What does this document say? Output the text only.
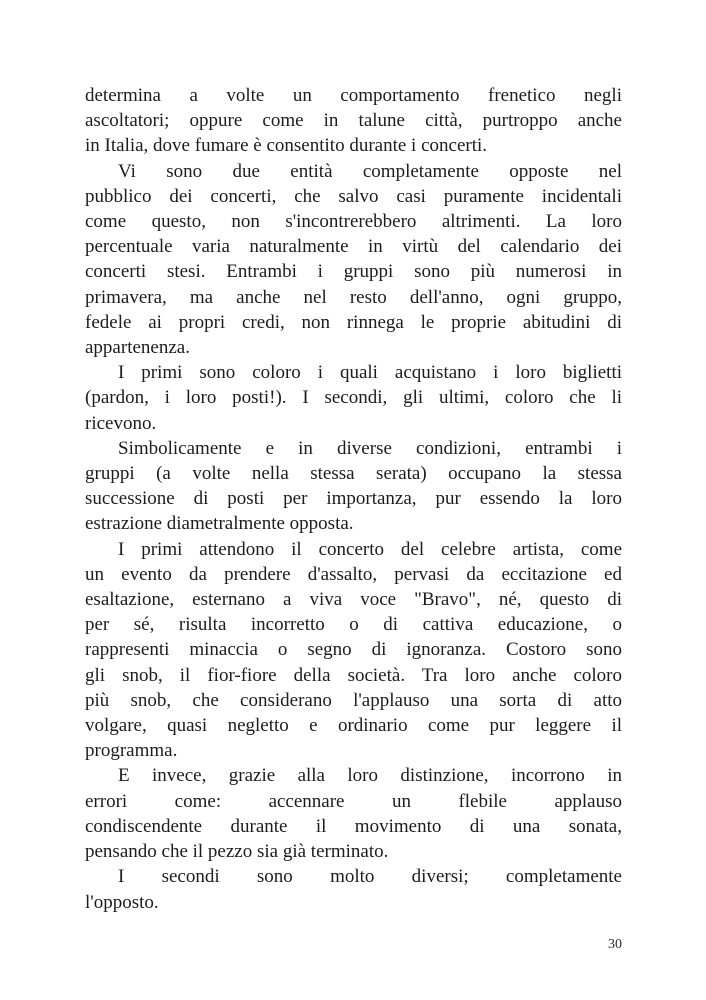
determina a volte un comportamento frenetico negli
ascoltatori; oppure come in talune città, purtroppo anche
in Italia, dove fumare è consentito durante i concerti.
Vi sono due entità completamente opposte nel
pubblico dei concerti, che salvo casi puramente incidentali
come questo, non s'incontrerebbero altrimenti. La loro
percentuale varia naturalmente in virtù del calendario dei
concerti stesi. Entrambi i gruppi sono più numerosi in
primavera, ma anche nel resto dell'anno, ogni gruppo,
fedele ai propri credi, non rinnega le proprie abitudini di
appartenenza.
I primi sono coloro i quali acquistano i loro biglietti
(pardon, i loro posti!). I secondi, gli ultimi, coloro che li
ricevono.
Simbolicamente e in diverse condizioni, entrambi i
gruppi (a volte nella stessa serata) occupano la stessa
successione di posti per importanza, pur essendo la loro
estrazione diametralmente opposta.
I primi attendono il concerto del celebre artista, come
un evento da prendere d'assalto, pervasi da eccitazione ed
esaltazione, esternano a viva voce "Bravo", né, questo di
per sé, risulta incorretto o di cattiva educazione, o
rappresenti minaccia o segno di ignoranza. Costoro sono
gli snob, il fior-fiore della società. Tra loro anche coloro
più snob, che considerano l'applauso una sorta di atto
volgare, quasi negletto e ordinario come pur leggere il
programma.
E invece, grazie alla loro distinzione, incorrono in
errori come: accennare un flebile applauso
condiscendente durante il movimento di una sonata,
pensando che il pezzo sia già terminato.
I secondi sono molto diversi; completamente
l'opposto.
30
